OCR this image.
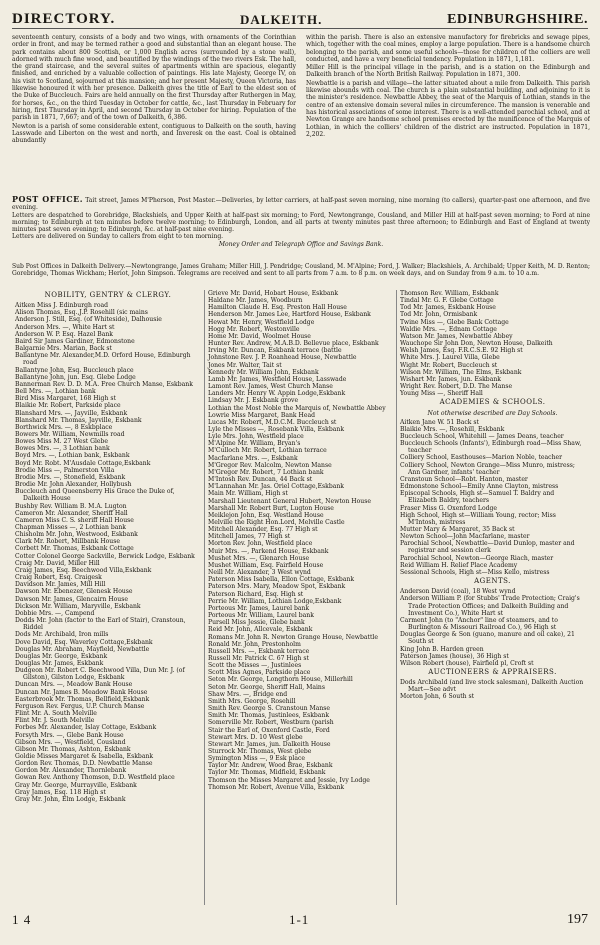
DIRECTORY.	DALKEITH.	EDINBURGHSHIRE.

seventeenth century, consists of a body and two wings, with ornaments of the Corinthian order in front, and may be termed rather a good and substantial than an elegant house. The park contains about 800 Scottish, or 1,000 English acres (surrounded by a stone wall), adorned with much fine wood, and beautified by the windings of the two rivers Esk. The hall, the grand staircase, and the several suites of apartments within are spacious, elegantly finished, and enriched by a valuable collection of paintings. His late Majesty, George IV, on his visit to Scotland, sojourned at this mansion; and her present Majesty, Queen Victoria, has likewise honoured it with her presence. Dalkeith gives the title of Earl to the eldest son of the Duke of Buccleuch. Fairs are held annually on the first Thursday after Ruthergen in May, for horses, &c., on the third Tuesday in October for cattle, &c., last Thursday in February for hiring, first Thursday in April, and second Thursday in October for hiring. Population of the parish in 1871, 7,667; and of the town of Dalkeith, 6,386.

Newton is a parish of some considerable extent, contiguous to Dalkeith on the south, having Lasswade and Liberton on the west and north, and Inveresk on the east. Coal is obtained abundantly

within the parish. There is also an extensive manufactory for firebricks and sewage pipes, which, together with the coal mines, employ a large population. There is a handsome church belonging to the parish, and some useful schools—those for children of the colliers are well conducted, and have a very beneficial tendency. Population in 1871, 1,181.

Miller Hill is the principal village in the parish, and is a station on the Edinburgh and Dalkeith branch of the North British Railway. Population in 1871, 300.

Newbattle is a parish and village—the latter situated about a mile from Dalkeith. This parish likewise abounds with coal. The church is a plain substantial building, and adjoining to it is the minister's residence. Newbattle Abbey, the seat of the Marquis of Lothian, stands in the centre of an extensive domain several miles in circumference. The mansion is venerable and has historical associations of some interest. There is a well-attended parochial school, and at Newton Grange are handsome school premises erected by the munificence of the Marquis of Lothian, in which the colliers' children of the district are instructed. Population in 1871, 2,202.

POST OFFICE. Tait street, James M'Pherson, Post Master.—Deliveries, by letter carriers, at half-past seven morning, nine morning (to callers), quarter-past one afternoon, and five evening.

Letters are despatched to Gorebridge, Blackshiels, and Upper Keith at half-past six morning; to Ford, Newtongrange, Cousland, and Miller Hill at half-past seven morning; to Ford at nine morning; to Edinburgh at ten minutes before twelve morning; to Edinburgh, London, and all parts at twenty minutes past three afternoon; to Edinburgh and East of England at twenty minutes past seven evening; to Edinburgh, &c. at half-past nine evening.

Letters are delivered on Sunday to callers from eight to ten morning.

Money Order and Telegraph Office and Savings Bank.

Sub Post Offices in Dalkeith Delivery.—Newtongrange, James Graham; Miller Hill, J. Pendridge; Cousland, M. M'Alpine; Ford, J. Walker; Blackshiels, A. Archibald; Upper Keith, M. D. Renton; Gorebridge, Thomas Wickham; Heriot, John Simpson. Telegrams are received and sent to all parts from 7 a.m. to 8 p.m. on week days, and on Sunday from 9 a.m. to 10 a.m.
NOBILITY, GENTRY & CLERGY.

Aitken Miss J. Edinburgh road

Alison Thomas, Esq.,J.P. Rosehill (sic mains

Anderson J. Still, Esq. (of Whiteside), Dalhousie

Anderson Mrs. —, White Hart st

Anderson W. P. Esq. Hazel Bank

Baird Sir James Gardiner, Edmonstone

Balgarnie Mrs. Marian, Back st

Ballantyne Mr. Alexander,M.D. Orford House, Edinburgh road

Ballantyne John, Esq. Buccleuch place

Ballantyne John, jun. Esq. Glebe Lodge

Bannerman Rev. D. D. M.A. Free Church Manse, Eskbank

Bell Mrs. —, Lothian bank

Bird Miss Margaret, 168 High st

Blaikie Mr. Robert, Parkside place

Blanshard Mrs. —, Jayville, Eskbank

Blanshard Mr. Thomas, Jayville, Eskbank

Borthwick Mrs. —, 8 Eskbplace

Bowers Mr. William, Newmills road

Bowes Miss M. 27 West Glebe

Bowes Mrs. —, 3 Lothian bank

Boyd Mrs. —, Lothian bank, Eskbank

Boyd Mr. Robt. M'Ausdale Cottage,Eskbank

Brodie Miss —, Palmerston Villa

Brodie Mrs. —, Stonefield, Eskbank

Brodie Mr. John Alexander, Hollybush

Buccleuch and Queensberry His Grace the Duke of, Dalkeith House

Bushby Rev. William B. M.A. Lugton

Cameron Mr. Alexander, Sheriff Hall

Cameron Miss C. S. sheriff Hall House

Chapman Misses —, 2 Lothian bank

Chisholm Mr. John, Westwood, Eskbank

Clark Mr. Robert, Millbank House

Corbett Mr. Thomas, Eskbank Cottage

Cotter Colonel George Sackville, Berwick Lodge, Eskbank

Craig Mr. David, Miller Hill

Craig James, Esq. Beechwood Villa,Eskbank

Craig Robert, Esq. Craigesk

Davidson Mr. James, Mill Hill

Dawson Mr. Ebenezer, Glenesk House

Dawson Mr. James, Glencairn House

Dickson Mr. William, Maryville, Eskbank

Dobbie Mrs. —, Campend

Dodds Mr. John (factor to the Earl of Stair), Cranstoun, Riddel

Dods Mr. Archibald, Iron mills

Dove David, Esq. Waverley Cottage,Eskbank

Douglas Mr. Abraham, Mayfield, Newbattle

Douglas Mr. George, Eskbank

Douglas Mr. James, Eskbank

Dudgeon Mr. Robert C. Beechwood Villa, Dun Mr. J. (of Gilston), Gilston Lodge, Eskbank

Duncan Mrs. —, Meadow Bank House

Duncan Mr. James B. Meadow Bank House

Easterbrook Mr. Thomas, Bellfield,Eskbank

Ferguson Rev. Fergus, U.P. Church Manse

Flint Mr. A. South Melville

Flint Mr. J. South Melville

Forbes Mr. Alexander, Islay Cottage, Eskbank

Forsyth Mrs. —, Glebe Bank House

Gibson Mrs. —, Westfield, Cousland

Gibson Mr. Thomas, Ashton, Eskbank

Goldie Misses Margaret & Isabella, Eskbank

Gordon Rev. Thomas, D.D. Newbattle Manse

Gordon Mr. Alexander, Thornlebank

Gowan Rev. Anthony Thomson, D.D. Westfield place

Gray Mr. George, Murrayville, Eskbank

Gray James, Esq. 118 High st

Gray Mr. John, Elm Lodge, Eskbank

Grieve Mr. David, Hobart House, Eskbank

Haldane Mr. James, Woodburn

Hamilton Claude H. Esq. Preston Hall House

Henderson Mr. James Lee, Hartford House, Eskbank

Hewat Mr. Henry, Westfield Lodge

Hogg Mr. Robert, Westonville

Home Mr. David, Woolmet House

Hunter Rev. Andrew, M.A.B.D. Bellevue place, Eskbank

Irving Mr. Duncan, Eskbank terrace (battle

Johnstone Rev. J. P. Roanhead House, Newbattle

Jones Mr. Walter, Tait st

Kennedy Mr. William John, Eskbank

Lamb Mr. James, Westfield House, Lasswade

Lamont Rev. James, West Church Manse

Landers Mr. Henry W. Appin Lodge,Eskbank

Lindsay Mr. J. Eskbank grove

Lothian the Most Noble the Marquis of, Newbattle Abbey

Lowrie Miss Margaret, Bank Head

Lucas Mr. Robert, M.D.C.M. Buccleuch st

Lyle the Misses —, Rosebank Villa, Eskbank

Lyle Mrs. John, Westfield place

M'Alpine Mr. William, Bryan's

M'Culloch Mr. Robert, Lothian terrace

Macfarlane Mrs. —, Eskbank

M'Gregor Rev. Malcolm, Newton Manse

M'Gregor Mr. Robert, 7 Lothian bank

M'Intosh Rev. Duncan, 44 Back st

M'Lannahan Mr. Jas. Oriel Cottage,Eskbank

Main Mr. William, High st

Marshall Lieutenant General Hubert, Newton House

Marshall Mr. Robert Burt, Lugton House

Meiklejon John, Esq. Westland House

Melville the Right Hon.Lord, Melville Castle

Mitchell Alexander, Esq. 77 High st

Mitchell James, 77 High st

Morton Rev. John, Westfield place

Muir Mrs. —, Parkend House, Eskbank

Mushet Mrs. —, Glenarch House

Mushet William, Esq. Fairfield House

Neill Mr. Alexander, 3 West wynd

Paterson Miss Isabella, Ellon Cottage, Eskbank

Paterson Mrs. Mary, Meadow Spot, Eskbank

Paterson Richard, Esq. High st

Perrie Mr. William, Lothian Lodge,Eskbank

Porteous Mr. James, Laurel bank

Porteous Mr. William, Laurel bank

Pursell Miss Jessie, Glebe bank

Reid Mr. John, Allcevale, Eskbank

Romans Mr. John R. Newton Grange House, Newbattle

Ronald Mr. John, Prestonholm

Russell Mrs. —, Eskbank terrace

Russell Mr. Patrick C. 67 High st

Scott the Misses —, Justinlees

Scott Miss Agnes, Parkside place

Seton Mr. George, Longthorn House, Millerhill

Seton Mr. George, Sheriff Hall, Mains

Shaw Mrs. —, Bridge end

Smith Mrs. George, Rosehill

Smith Rev. George S. Cranstoun Manse

Smith Mr. Thomas, Justinlees, Eskbank

Somerville Mr. Robert, Westburn (parish

Stair the Earl of, Oxenford Castle, Ford

Stewart Mrs. D. 10 West glebe

Stewart Mr. James, jun. Dalkeith House

Sturrock Mr. Thomas, West glebe

Symington Miss —, 9 Esk place

Taylor Mr. Andrew, Wood Brae, Eskbank

Taylor Mr. Thomas, Midfield, Eskbank

Thomson the Misses Margaret and Jessie, Ivy Lodge

Thomson Mr. Robert, Avenue Villa, Eskbank

Thomson Rev. William, Eskbank

Tindal Mr. G. F. Glebe Cottage

Tod Mr. James, Eskbank House

Tod Mr. John, Ormisbank

Twine Miss —, Glebe Bank Cottage

Waldie Mrs. —, Ednam Cottage

Watson Mr. James, Newbattle Abbey

Wauchope Sir John Don, Newton House, Dalkeith

Welsh James, Esq. F.R.C.S.E. 92 High st

White Mrs. J. Laurel Villa, Glebe

Wight Mr. Robert, Buccleuch st

Wilson Mr. William, The Elms, Eskbank

Wishart Mr. James, jun. Eskbank

Wright Rev. Robert, D.D. The Manse

Young Miss —, Sheriff Hall

ACADEMIES & SCHOOLS.
Not otherwise described are Day Schools.

Aitken Jane W. 51 Back st

Blaikie Mrs. —, Rosehill, Eskbank

Buccleuch School, Whitehill — James Deans, teacher

Buccleuch Schools (Infants'), Edinburgh road—Miss Shaw, teacher

Colliery School, Easthouses—Marion Noble, teacher

Colliery School, Newton Grange—Miss Munro, mistress; Ann Gardner, infants' teacher

Cranstoun School—Robt. Hanton, master

Edmonstone School—Emily Anne Clayton, mistress

Episcopal Schools, High st—Samuel T. Baldry and Elizabeth Baldry, teachers

Fraser Miss G. Oxenford Lodge

High School, High st—William Young, rector; Miss M'Intosh, mistress

Mutter Mary & Margaret, 35 Back st

Newton School—John Macfarlane, master

Parochial School, Newbattle—David Dunlop, master and registrar and session clerk

Parochial School, Newton—George Riach, master

Reid William H. Relief Place Academy

Sessional Schools, High st—Miss Kello, mistress

AGENTS.

Anderson David (coal), 18 West wynd

Anderson William P. (for Stubbs' Trade Protection; Craig's Trade Protection Offices; and Dalkeith Building and Investment Co.), White Hart st

Carment John (to "Anchor" line of steamers, and to Burlington & Missouri Railroad Co.), 96 High st

Douglas George & Son (guano, manure and oil cake), 21 South st

King John B. Harden green

Paterson James (house), 36 High st

Wilson Robert (house), Fairfield pl, Croft st

AUCTIONEERS & APPRAISERS.

Dods Archibald (and live stock salesman), Dalkeith Auction Mart—See advt

Morton John, 6 South st

1 4	1-1	197
